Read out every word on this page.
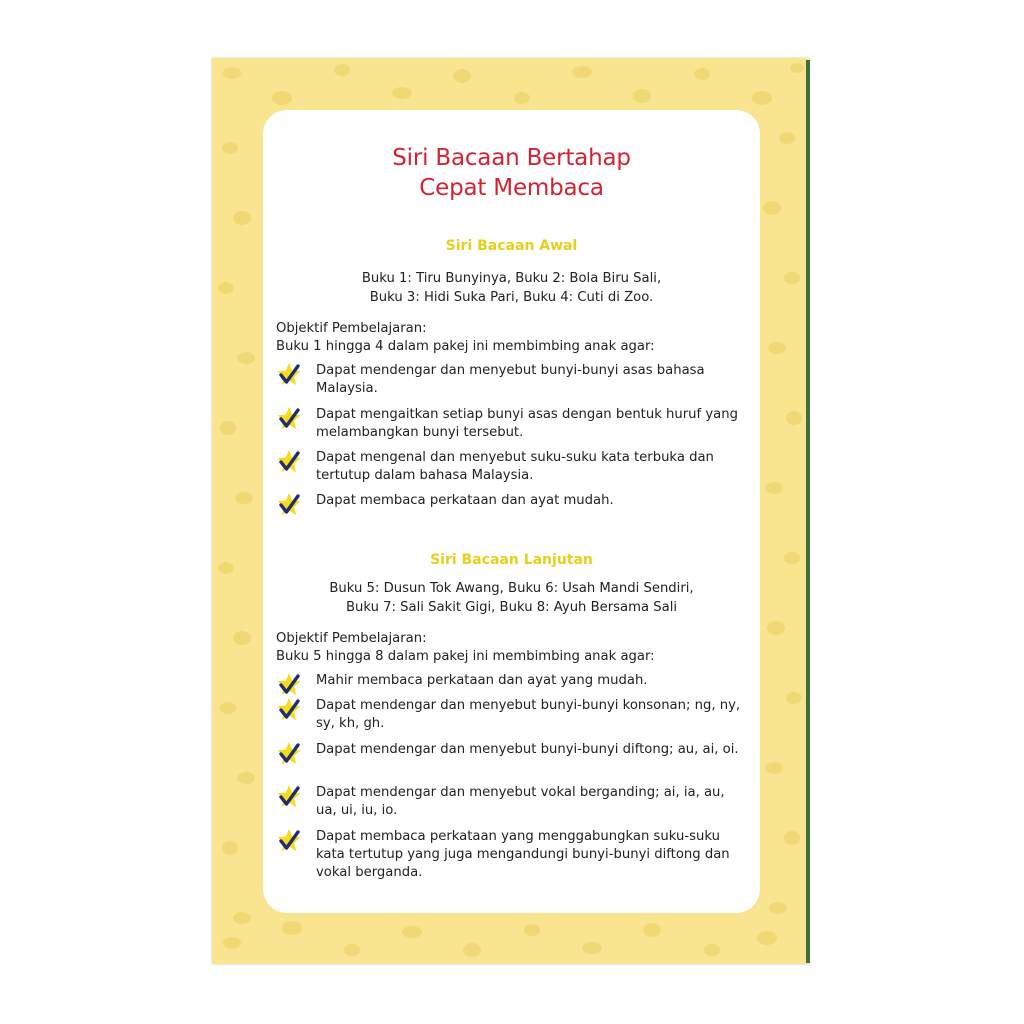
Siri Bacaan Bertahap
Cepat Membaca
Siri Bacaan Awal

Buku 1: Tiru Bunyinya, Buku 2: Bola Biru Sali,

Buku 3: Hidi Suka Pari, Buku 4: Cuti di Zoo.

Objektif Pembelajaran:

Buku 1 hingga 4 dalam pakej ini membimbing anak agar:

Dapat mendengar dan menyebut bunyi-bunyi asas bahasa Malaysia.
Dapat mengaitkan setiap bunyi asas dengan bentuk huruf yang melambangkan bunyi tersebut.
Dapat mengenal dan menyebut suku-suku kata terbuka dan tertutup dalam bahasa Malaysia.
Dapat membaca perkataan dan ayat mudah.
Siri Bacaan Lanjutan

Buku 5: Dusun Tok Awang, Buku 6: Usah Mandi Sendiri,

Buku 7: Sali Sakit Gigi, Buku 8: Ayuh Bersama Sali

Objektif Pembelajaran:

Buku 5 hingga 8 dalam pakej ini membimbing anak agar:

Mahir membaca perkataan dan ayat yang mudah.
Dapat mendengar dan menyebut bunyi-bunyi konsonan; ng, ny, sy, kh, gh.
Dapat mendengar dan menyebut bunyi-bunyi diftong; au, ai, oi.
Dapat mendengar dan menyebut vokal berganding; ai, ia, au, ua, ui, iu, io.
Dapat membaca perkataan yang menggabungkan suku-suku kata tertutup yang juga mengandungi bunyi-bunyi diftong dan vokal berganda.
